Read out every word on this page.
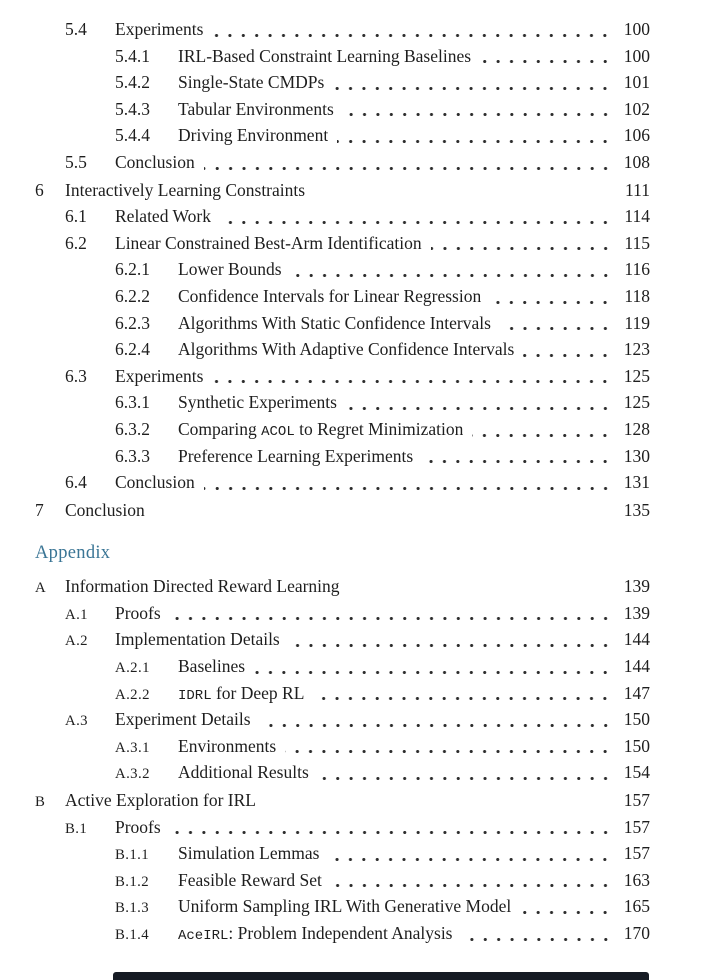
5.4	Experiments	100
5.4.1	IRL-Based Constraint Learning Baselines	100
5.4.2	Single-State CMDPs	101
5.4.3	Tabular Environments	102
5.4.4	Driving Environment	106
5.5	Conclusion	108
6	Interactively Learning Constraints	111
6.1	Related Work	114
6.2	Linear Constrained Best-Arm Identification	115
6.2.1	Lower Bounds	116
6.2.2	Confidence Intervals for Linear Regression	118
6.2.3	Algorithms With Static Confidence Intervals	119
6.2.4	Algorithms With Adaptive Confidence Intervals	123
6.3	Experiments	125
6.3.1	Synthetic Experiments	125
6.3.2	Comparing ACOL to Regret Minimization	128
6.3.3	Preference Learning Experiments	130
6.4	Conclusion	131
7	Conclusion	135
Appendix
A	Information Directed Reward Learning	139
A.1	Proofs	139
A.2	Implementation Details	144
A.2.1	Baselines	144
A.2.2	IDRL for Deep RL	147
A.3	Experiment Details	150
A.3.1	Environments	150
A.3.2	Additional Results	154
B	Active Exploration for IRL	157
B.1	Proofs	157
B.1.1	Simulation Lemmas	157
B.1.2	Feasible Reward Set	163
B.1.3	Uniform Sampling IRL With Generative Model	165
B.1.4	AceIRL: Problem Independent Analysis	170
